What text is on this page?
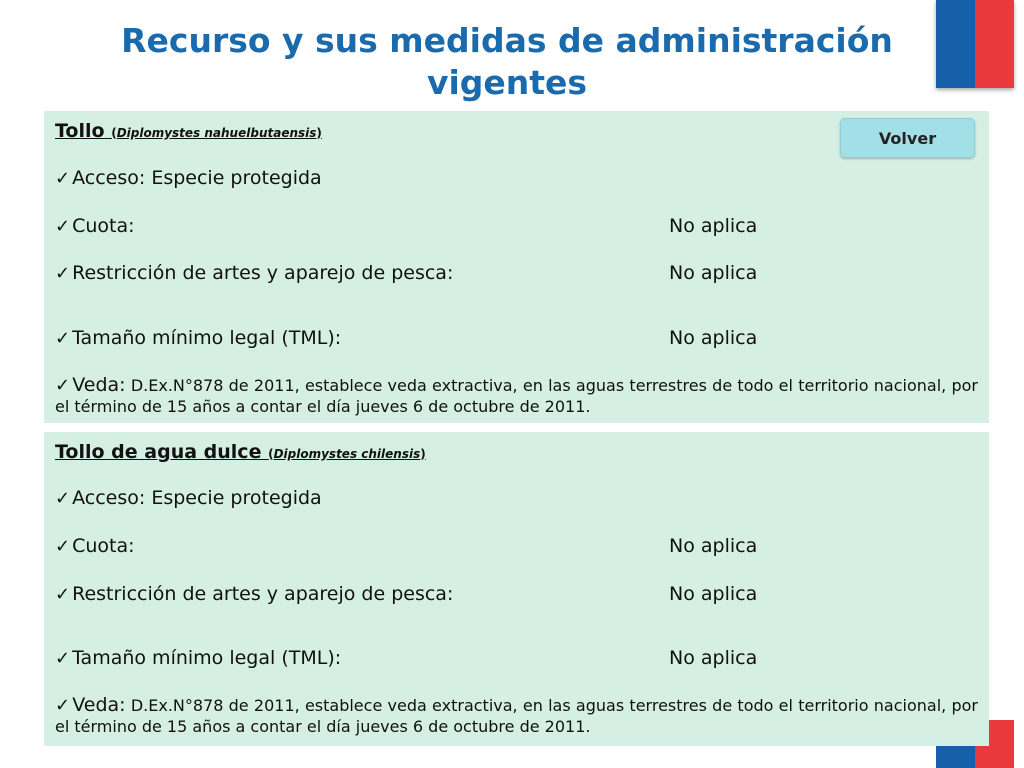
Recurso y sus medidas de administración
vigentes
Tollo (Diplomystes nahuelbutaensis)
✓ Acceso: Especie protegida
✓ Cuota:	No aplica
✓ Restricción de artes y aparejo de pesca:	No aplica
✓ Tamaño mínimo legal (TML):	No aplica
✓ Veda: D.Ex.N°878 de 2011, establece veda extractiva, en las aguas terrestres de todo el territorio nacional, por el término de 15 años a contar el día jueves 6 de octubre de 2011.
Volver
Tollo de agua dulce (Diplomystes chilensis)
✓ Acceso: Especie protegida
✓ Cuota:	No aplica
✓ Restricción de artes y aparejo de pesca:	No aplica
✓ Tamaño mínimo legal (TML):	No aplica
✓ Veda: D.Ex.N°878 de 2011, establece veda extractiva, en las aguas terrestres de todo el territorio nacional, por el término de 15 años a contar el día jueves 6 de octubre de 2011.
